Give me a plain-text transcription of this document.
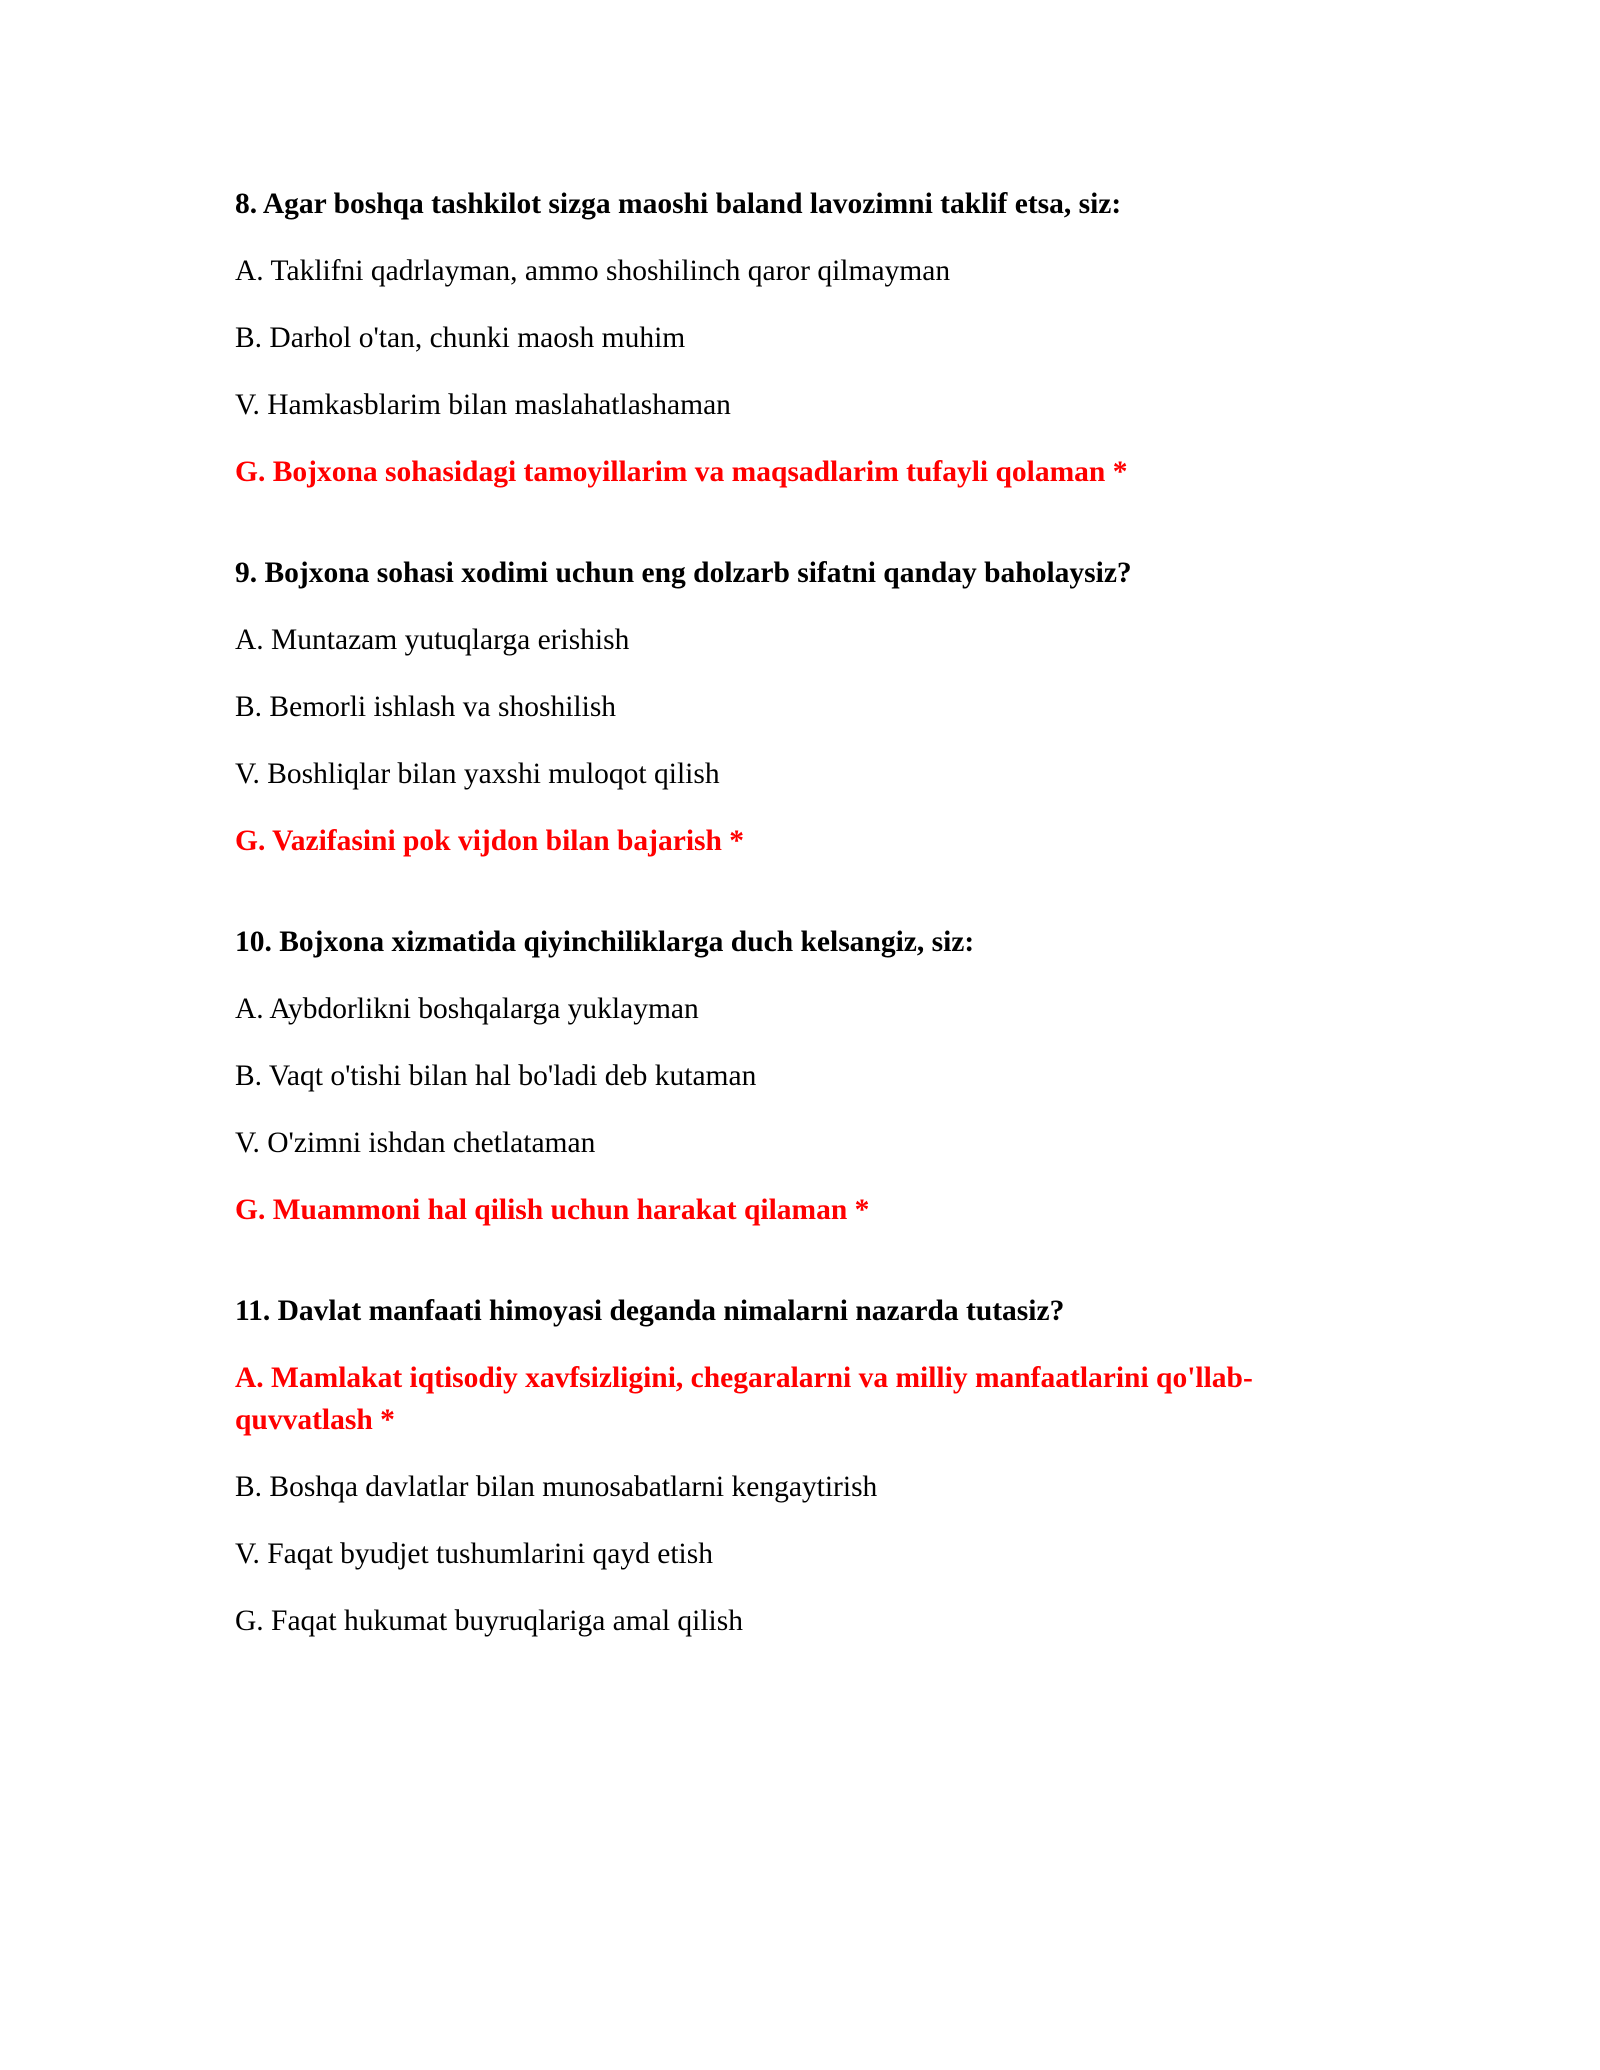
8. Agar boshqa tashkilot sizga maoshi baland lavozimni taklif etsa, siz:
A. Taklifni qadrlayman, ammo shoshilinch qaror qilmayman
B. Darhol o'tan, chunki maosh muhim
V. Hamkasblarim bilan maslahatlashaman
G. Bojxona sohasidagi tamoyillarim va maqsadlarim tufayli qolaman *
9. Bojxona sohasi xodimi uchun eng dolzarb sifatni qanday baholaysiz?
A. Muntazam yutuqlarga erishish
B. Bemorli ishlash va shoshilish
V. Boshliqlar bilan yaxshi muloqot qilish
G. Vazifasini pok vijdon bilan bajarish *
10. Bojxona xizmatida qiyinchiliklarga duch kelsangiz, siz:
A. Aybdorlikni boshqalarga yuklayman
B. Vaqt o'tishi bilan hal bo'ladi deb kutaman
V. O'zimni ishdan chetlataman
G. Muammoni hal qilish uchun harakat qilaman *
11. Davlat manfaati himoyasi deganda nimalarni nazarda tutasiz?
A. Mamlakat iqtisodiy xavfsizligini, chegaralarni va milliy manfaatlarini qo'llab-quvvatlash *
B. Boshqa davlatlar bilan munosabatlarni kengaytirish
V. Faqat byudjet tushumlarini qayd etish
G. Faqat hukumat buyruqlariga amal qilish
